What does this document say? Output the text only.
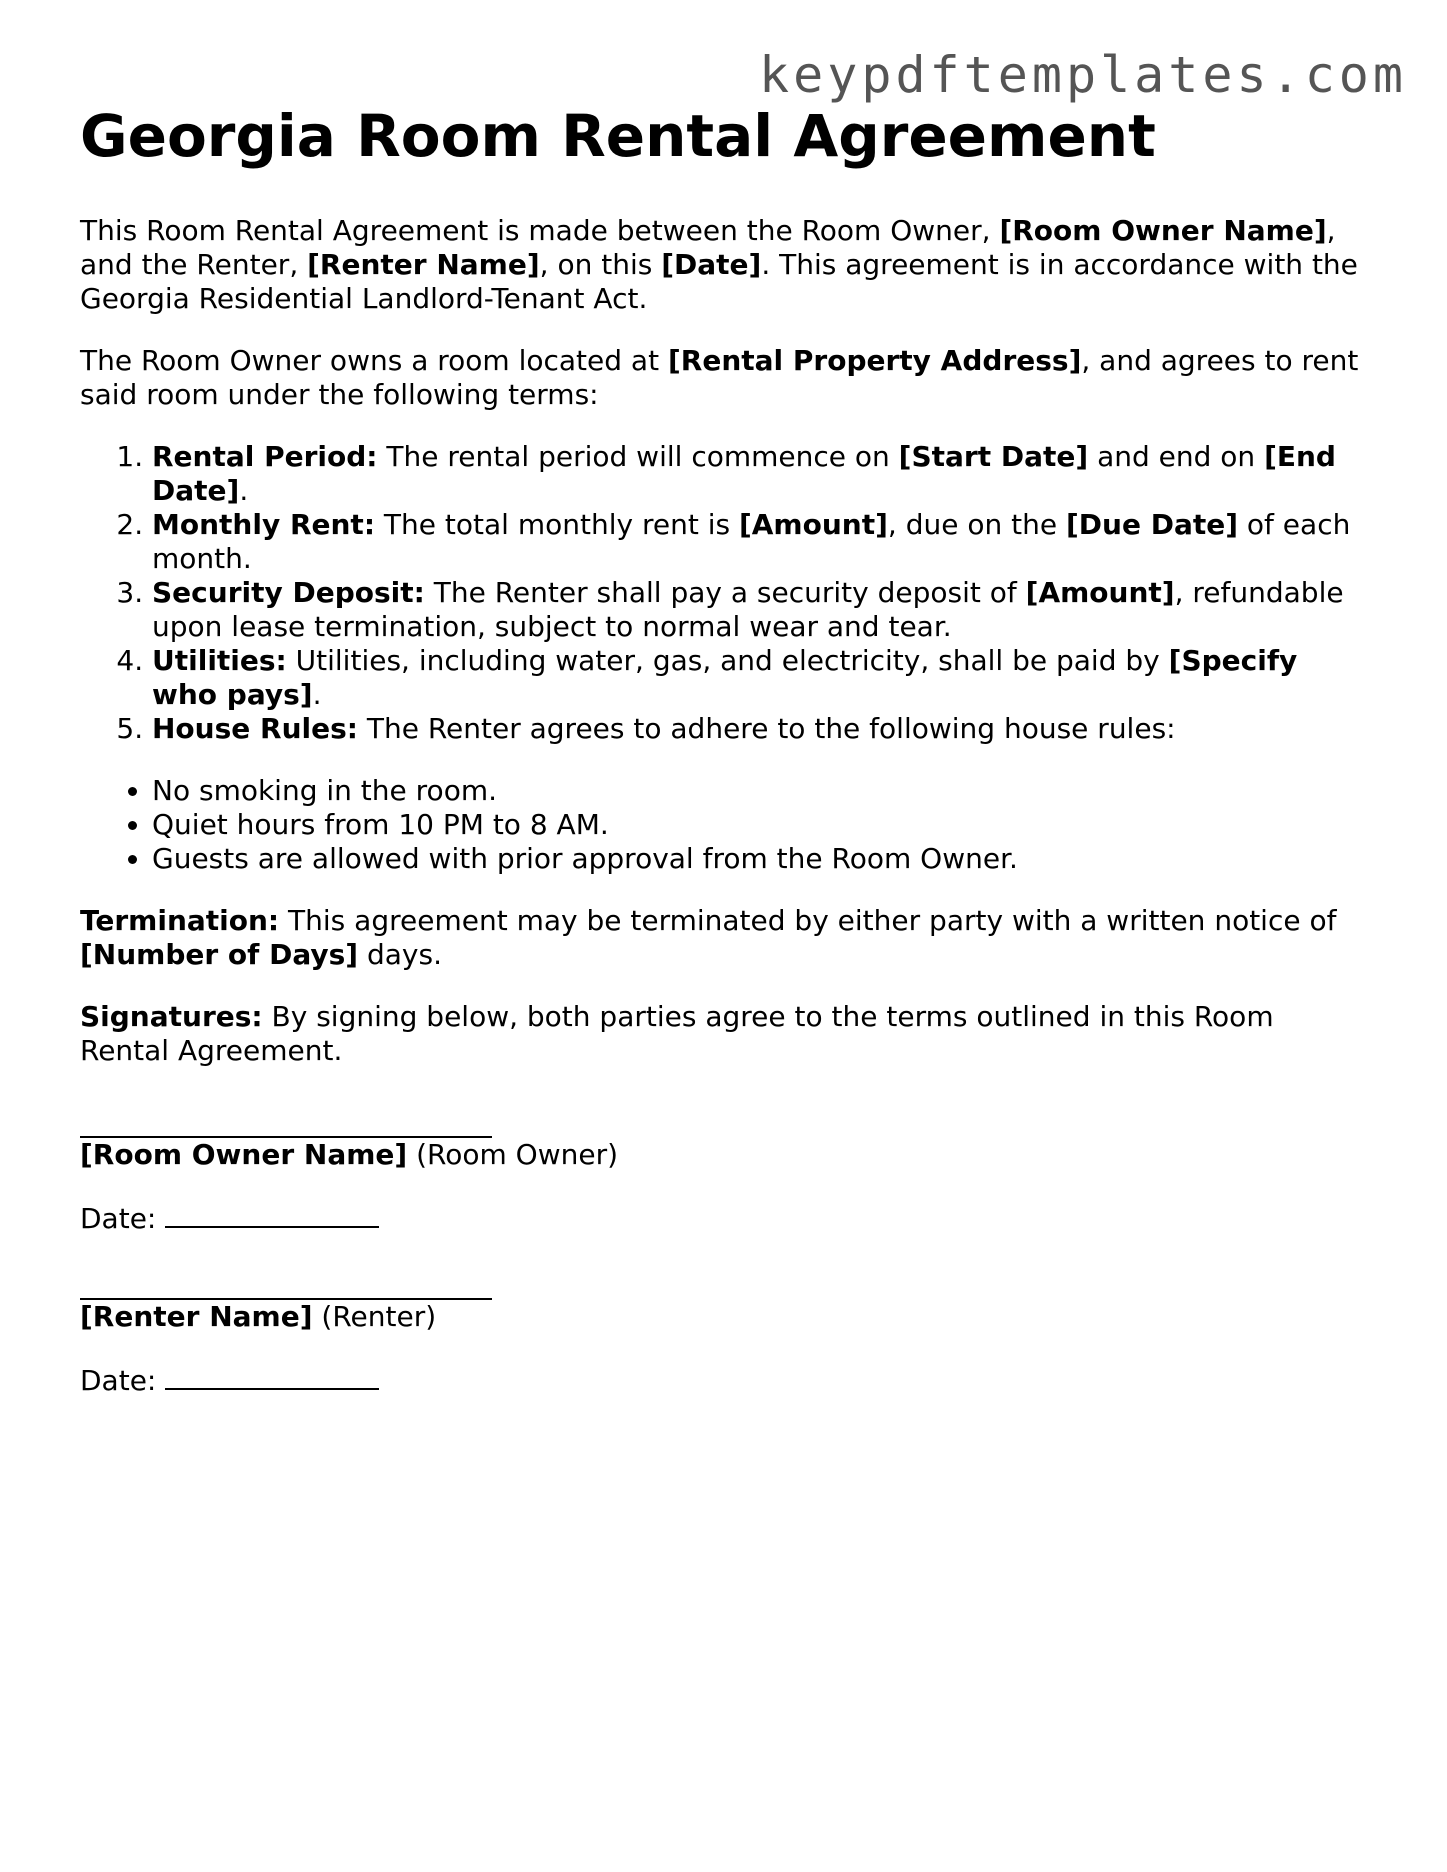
keypdftemplates.com
Georgia Room Rental Agreement

This Room Rental Agreement is made between the Room Owner, [Room Owner Name], and the Renter, [Renter Name], on this [Date]. This agreement is in accordance with the Georgia Residential Landlord-Tenant Act.

The Room Owner owns a room located at [Rental Property Address], and agrees to rent said room under the following terms:

1. Rental Period: The rental period will commence on [Start Date] and end on [End Date].
2. Monthly Rent: The total monthly rent is [Amount], due on the [Due Date] of each month.
3. Security Deposit: The Renter shall pay a security deposit of [Amount], refundable upon lease termination, subject to normal wear and tear.
4. Utilities: Utilities, including water, gas, and electricity, shall be paid by [Specify who pays].
5. House Rules: The Renter agrees to adhere to the following house rules:
• No smoking in the room.
• Quiet hours from 10 PM to 8 AM.
• Guests are allowed with prior approval from the Room Owner.

Termination: This agreement may be terminated by either party with a written notice of [Number of Days] days.

Signatures: By signing below, both parties agree to the terms outlined in this Room Rental Agreement.

[Room Owner Name] (Room Owner)

Date:

[Renter Name] (Renter)

Date:
